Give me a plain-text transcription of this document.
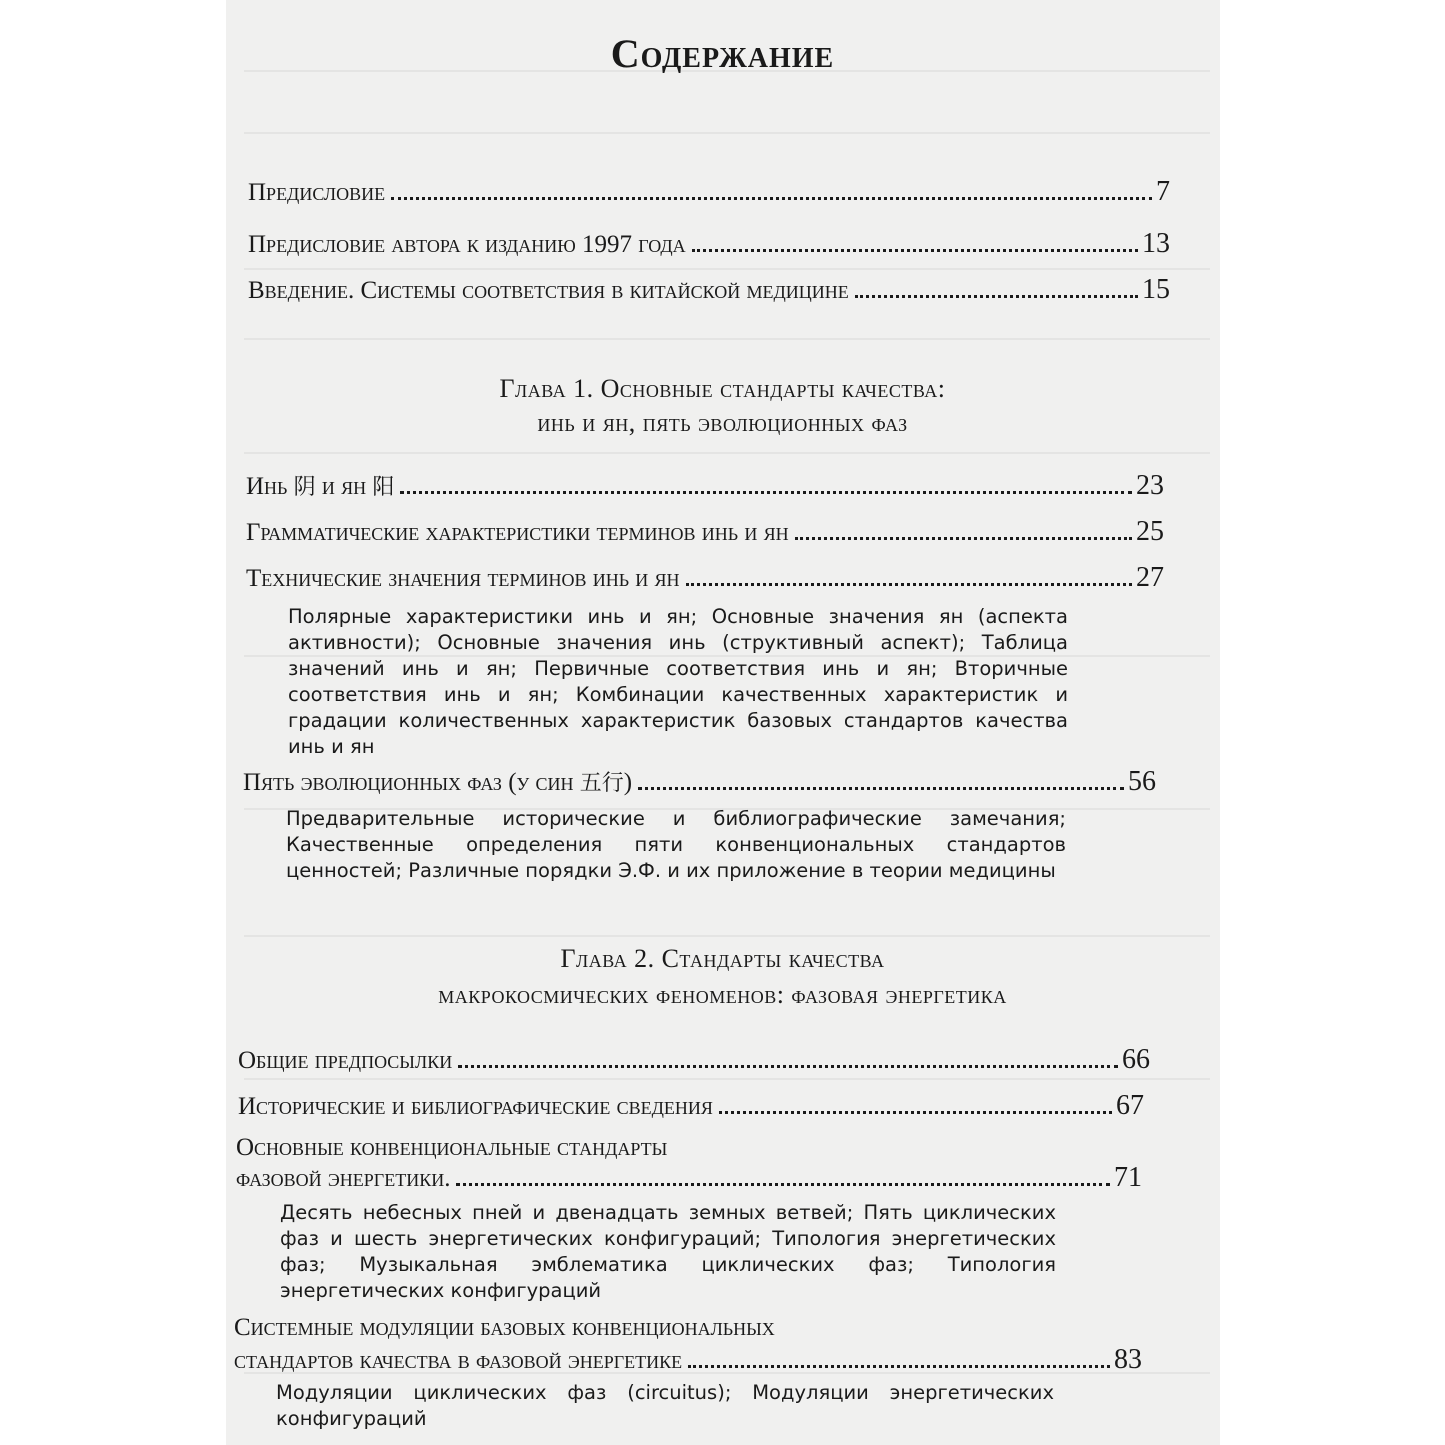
Содержание
Предисловие	7
Предисловие автора к изданию 1997 года	13
Введение. Системы соответствия в китайской медицине	15
Глава 1. Основные стандарты качества:
инь и ян, пять эволюционных фаз
Инь 阴 и ян 阳	23
Грамматические характеристики терминов инь и ян	25
Технические значения терминов инь и ян	27
Полярные характеристики инь и ян; Основные значения ян (аспекта активности); Основные значения инь (структивный аспект); Таблица значений инь и ян; Первичные соответствия инь и ян; Вторичные соответствия инь и ян; Комбинации качественных характеристик и градации количественных характеристик базовых стандартов качества инь и ян
Пять эволюционных фаз (у син 五行)	56
Предварительные исторические и библиографические замечания; Качественные определения пяти конвенциональных стандартов ценностей; Различные порядки Э.Ф. и их приложение в теории медицины
Глава 2. Стандарты качества
макрокосмических феноменов: фазовая энергетика
Общие предпосылки	66
Исторические и библиографические сведения	67
Основные конвенциональные стандарты
фазовой энергетики.	71
Десять небесных пней и двенадцать земных ветвей; Пять циклических фаз и шесть энергетических конфигураций; Типология энергетических фаз; Музыкальная эмблематика циклических фаз; Типология энергетических конфигураций
Системные модуляции базовых конвенциональных
стандартов качества в фазовой энергетике	83
Модуляции циклических фаз (circuitus); Модуляции энергетических конфигураций
